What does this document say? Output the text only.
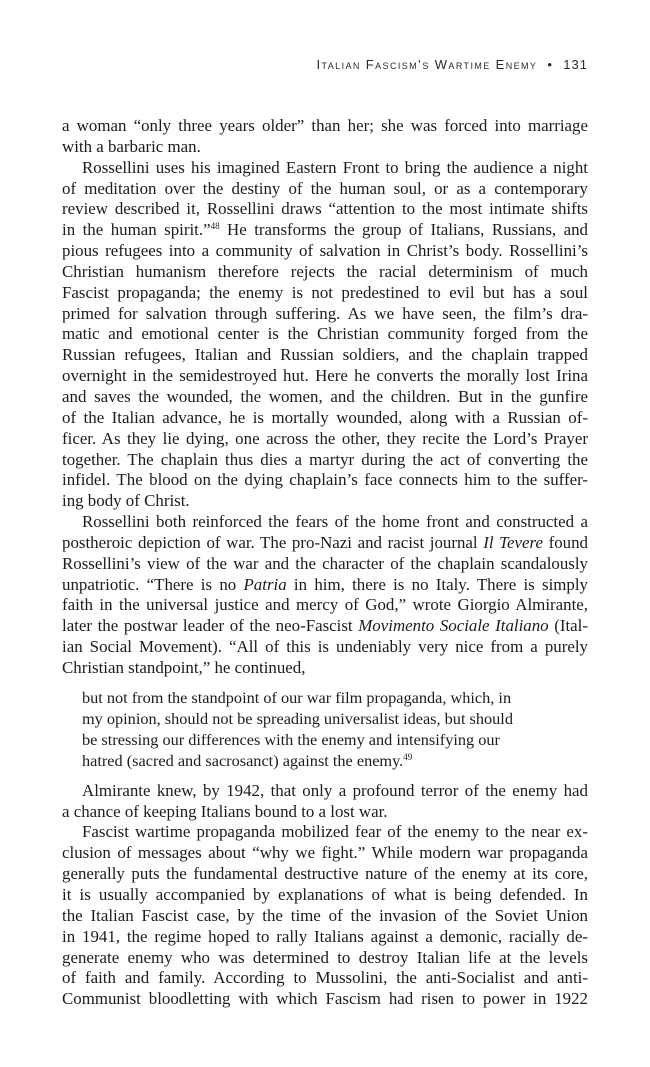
Italian Fascism’s Wartime Enemy • 131
a woman “only three years older” than her; she was forced into marriage
with a barbaric man.
Rossellini uses his imagined Eastern Front to bring the audience a night
of meditation over the destiny of the human soul, or as a contemporary
review described it, Rossellini draws “attention to the most intimate shifts
in the human spirit.”$^{48}$ He transforms the group of Italians, Russians, and
pious refugees into a community of salvation in Christ’s body. Rossellini’s
Christian humanism therefore rejects the racial determinism of much
Fascist propaganda; the enemy is not predestined to evil but has a soul
primed for salvation through suffering. As we have seen, the film’s dra-
matic and emotional center is the Christian community forged from the
Russian refugees, Italian and Russian soldiers, and the chaplain trapped
overnight in the semidestroyed hut. Here he converts the morally lost Irina
and saves the wounded, the women, and the children. But in the gunfire
of the Italian advance, he is mortally wounded, along with a Russian of-
ficer. As they lie dying, one across the other, they recite the Lord’s Prayer
together. The chaplain thus dies a martyr during the act of converting the
infidel. The blood on the dying chaplain’s face connects him to the suffer-
ing body of Christ.
Rossellini both reinforced the fears of the home front and constructed a
postheroic depiction of war. The pro-Nazi and racist journal Il Tevere found
Rossellini’s view of the war and the character of the chaplain scandalously
unpatriotic. “There is no Patria in him, there is no Italy. There is simply
faith in the universal justice and mercy of God,” wrote Giorgio Almirante,
later the postwar leader of the neo-Fascist Movimento Sociale Italiano (Ital-
ian Social Movement). “All of this is undeniably very nice from a purely
Christian standpoint,” he continued,
but not from the standpoint of our war film propaganda, which, in
my opinion, should not be spreading universalist ideas, but should
be stressing our differences with the enemy and intensifying our
hatred (sacred and sacrosanct) against the enemy.$^{49}$
Almirante knew, by 1942, that only a profound terror of the enemy had
a chance of keeping Italians bound to a lost war.
Fascist wartime propaganda mobilized fear of the enemy to the near ex-
clusion of messages about “why we fight.” While modern war propaganda
generally puts the fundamental destructive nature of the enemy at its core,
it is usually accompanied by explanations of what is being defended. In
the Italian Fascist case, by the time of the invasion of the Soviet Union
in 1941, the regime hoped to rally Italians against a demonic, racially de-
generate enemy who was determined to destroy Italian life at the levels
of faith and family. According to Mussolini, the anti-Socialist and anti-
Communist bloodletting with which Fascism had risen to power in 1922
